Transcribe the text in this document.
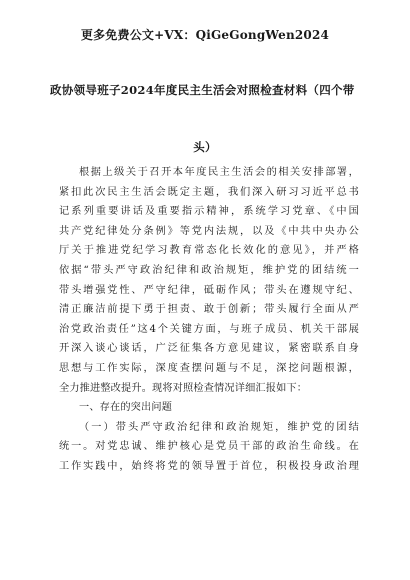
更多免费公文+VX：QiGeGongWen2024
政协领导班子2024年度民主生活会对照检查材料（四个带
头）
根据上级关于召开本年度民主生活会的相关安排部署，
紧扣此次民主生活会既定主题，我们深入研习习近平总书
记系列重要讲话及重要指示精神，系统学习党章、《中国
共产党纪律处分条例》等党内法规，以及《中共中央办公
厅关于推进党纪学习教育常态化长效化的意见》，并严格
依据“带头严守政治纪律和政治规矩，维护党的团结统一
带头增强党性、严守纪律，砥砺作风；带头在遵规守纪、
清正廉洁前提下勇于担责、敢于创新；带头履行全面从严
治党政治责任”这4个关键方面，与班子成员、机关干部展
开深入谈心谈话，广泛征集各方意见建议，紧密联系自身
思想与工作实际，深度查摆问题与不足，深挖问题根源，
全力推进整改提升。现将对照检查情况详细汇报如下：
一、存在的突出问题
（一）带头严守政治纪律和政治规矩，维护党的团结
统一。对党忠诚、维护核心是党员干部的政治生命线。在
工作实践中，始终将党的领导置于首位，积极投身政治理
